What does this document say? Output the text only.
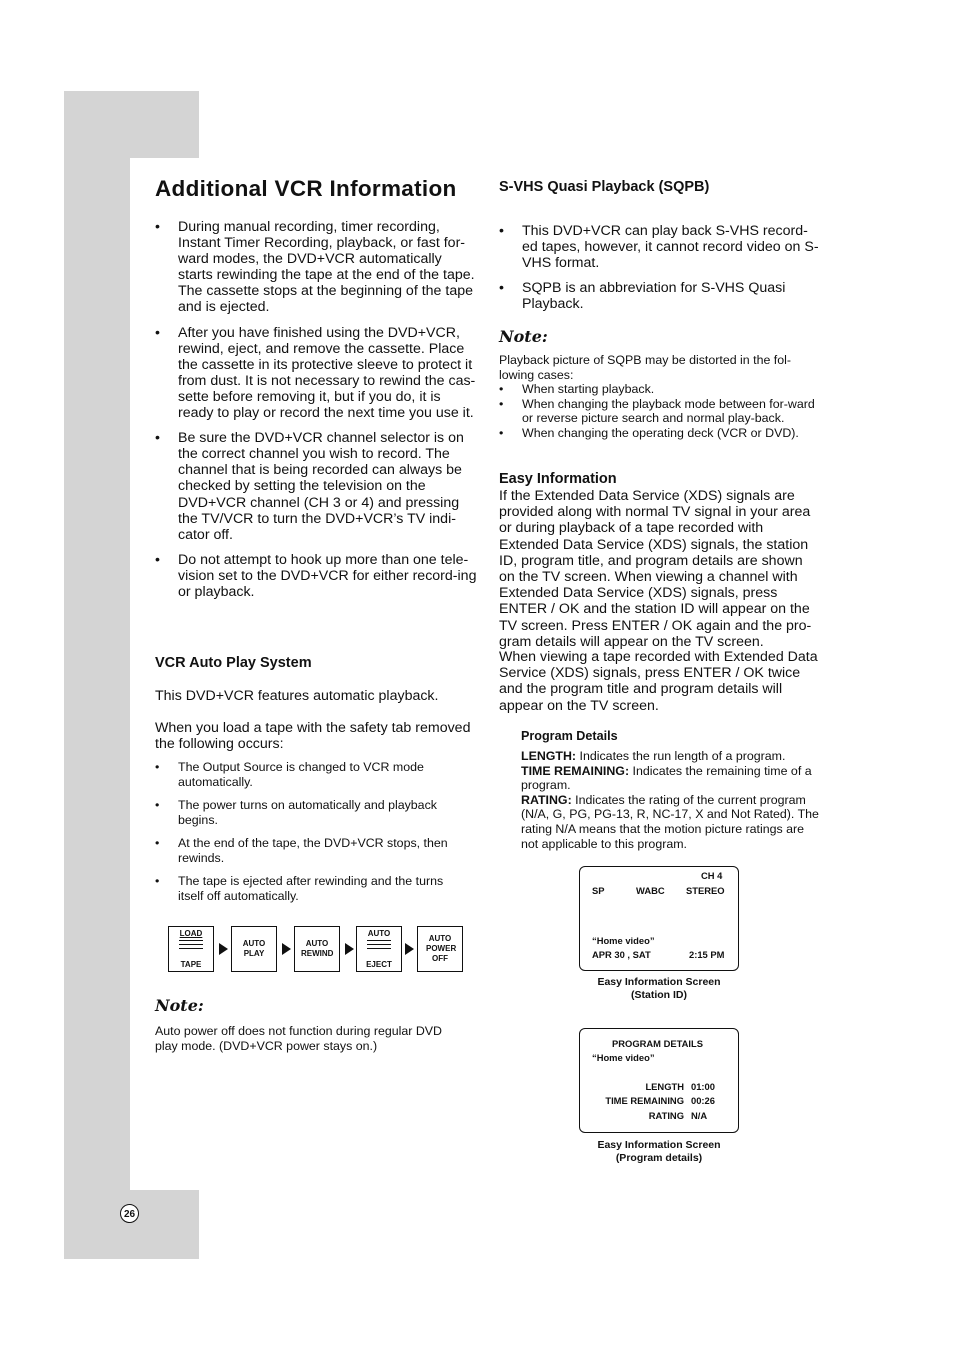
26
Additional VCR Information
• During manual recording, timer recording, Instant Timer Recording, playback, or fast for-ward modes, the DVD+VCR automatically starts rewinding the tape at the end of the tape. The cassette stops at the beginning of the tape and is ejected.
• After you have finished using the DVD+VCR, rewind, eject, and remove the cassette. Place the cassette in its protective sleeve to protect it from dust. It is not necessary to rewind the cas-sette before removing it, but if you do, it is ready to play or record the next time you use it.
• Be sure the DVD+VCR channel selector is on the correct channel you wish to record. The channel that is being recorded can always be checked by setting the television on the DVD+VCR channel (CH 3 or 4) and pressing the TV/VCR to turn the DVD+VCR’s TV indi-cator off.
• Do not attempt to hook up more than one tele-vision set to the DVD+VCR for either record-ing or playback.
VCR Auto Play System
This DVD+VCR features automatic playback.
When you load a tape with the safety tab removed the following occurs:
• The Output Source is changed to VCR mode automatically.
• The power turns on automatically and playback begins.
• At the end of the tape, the DVD+VCR stops, then rewinds.
• The tape is ejected after rewinding and the turns itself off automatically.
LOAD
TAPE
AUTO PLAY
AUTO REWIND
AUTO
EJECT
AUTO POWER OFF
Note:
Auto power off does not function during regular DVD play mode. (DVD+VCR power stays on.)
S-VHS Quasi Playback (SQPB)
• This DVD+VCR can play back S-VHS record-ed tapes, however, it cannot record video on S-VHS format.
• SQPB is an abbreviation for S-VHS Quasi Playback.
Note:
Playback picture of SQPB may be distorted in the fol-lowing cases:
• When starting playback.
• When changing the playback mode between for-ward or reverse picture search and normal play-back.
• When changing the operating deck (VCR or DVD).
Easy Information
If the Extended Data Service (XDS) signals are provided along with normal TV signal in your area or during playback of a tape recorded with Extended Data Service (XDS) signals, the station ID, program title, and program details are shown on the TV screen. When viewing a channel with Extended Data Service (XDS) signals, press ENTER / OK and the station ID will appear on the TV screen. Press ENTER / OK again and the pro-gram details will appear on the TV screen.
When viewing a tape recorded with Extended Data Service (XDS) signals, press ENTER / OK twice and the program title and program details will appear on the TV screen.
Program Details
LENGTH: Indicates the run length of a program.
TIME REMAINING: Indicates the remaining time of a program.
RATING: Indicates the rating of the current program (N/A, G, PG, PG-13, R, NC-17, X and Not Rated). The rating N/A means that the motion picture ratings are not applicable to this program.
CH 4
SP	WABC STEREO
“Home video”
APR 30 , SAT	2:15 PM
Easy Information Screen
(Station ID)
PROGRAM DETAILS
“Home video”
LENGTH 01:00
TIME REMAINING 00:26
RATING N/A
Easy Information Screen
(Program details)
